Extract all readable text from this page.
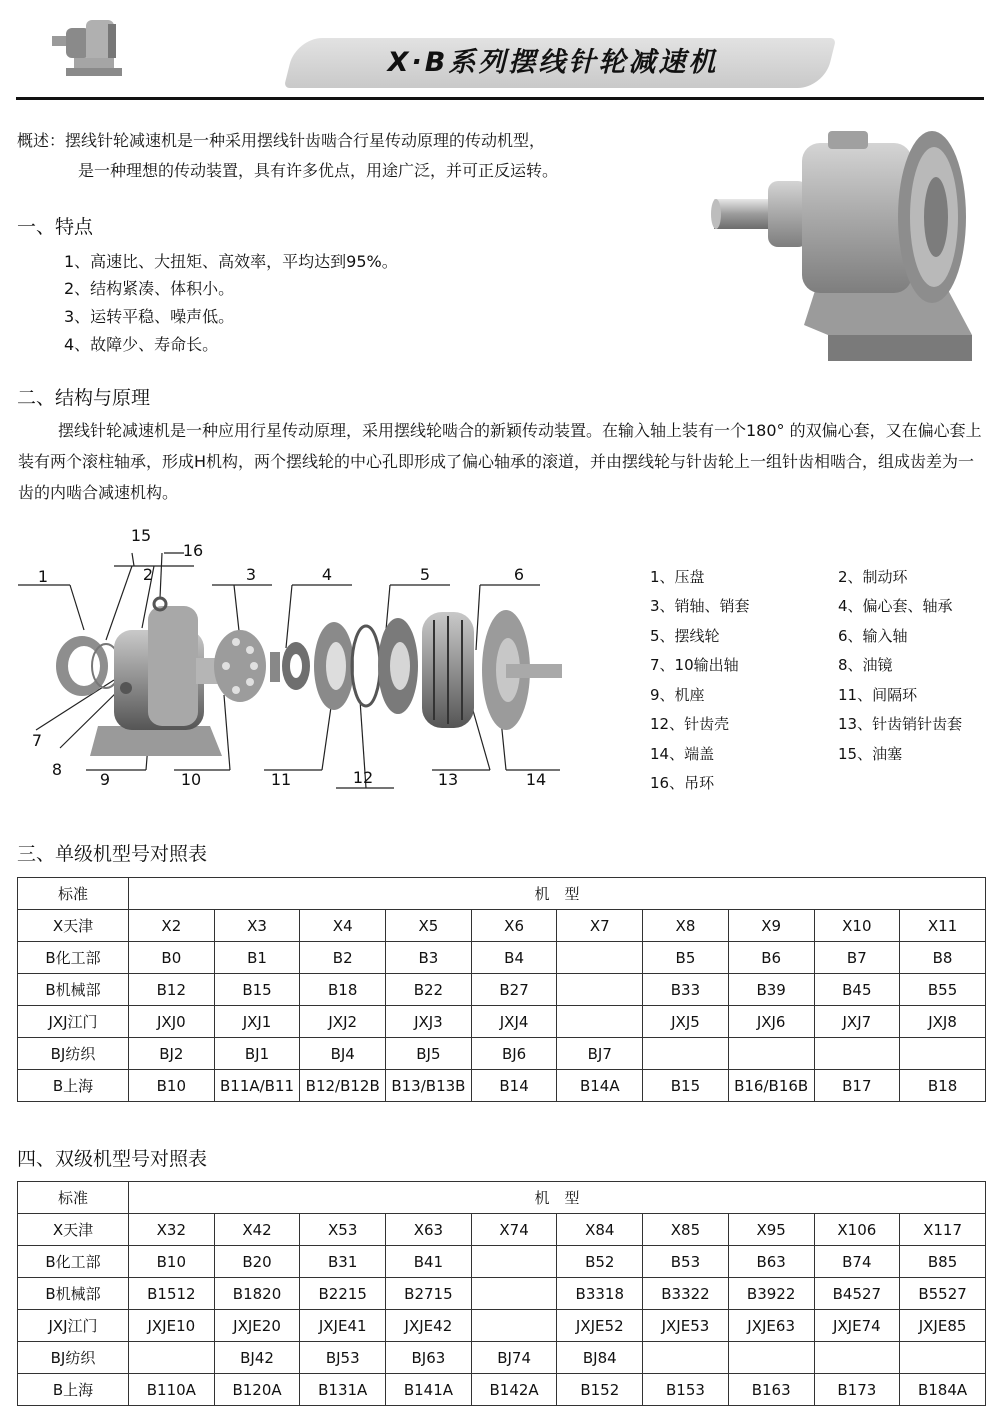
X·B系列摆线针轮减速机
概述：摆线针轮减速机是一种采用摆线针齿啮合行星传动原理的传动机型，
是一种理想的传动装置，具有许多优点，用途广泛，并可正反运转。
一、特点
1、高速比、大扭矩、高效率，平均达到95%。
2、结构紧凑、体积小。
3、运转平稳、噪声低。
4、故障少、寿命长。
二、结构与原理
摆线针轮减速机是一种应用行星传动原理，采用摆线轮啮合的新颖传动装置。在输入轴上装有一个180° 的双偏心套，又在偏心套上装有两个滚柱轴承，形成H机构，两个摆线轮的中心孔即形成了偏心轴承的滚道，并由摆线轮与针齿轮上一组针齿相啮合，组成齿差为一齿的内啮合减速机构。
1	2	3	4	5	6
7
8
9	10	11	12	13	14
15
16
1、压盘	2、制动环
3、销轴、销套	4、偏心套、轴承
5、摆线轮	6、输入轴
7、10输出轴	8、油镜
9、机座	11、间隔环
12、针齿壳	13、针齿销针齿套
14、端盖	15、油塞
16、吊环
三、单级机型号对照表
标准	机　型									
X天津	X2	X3	X4	X5	X6	X7	X8	X9	X10	X11
B化工部	B0	B1	B2	B3	B4		B5	B6	B7	B8
B机械部	B12	B15	B18	B22	B27		B33	B39	B45	B55
JXJ江门	JXJ0	JXJ1	JXJ2	JXJ3	JXJ4		JXJ5	JXJ6	JXJ7	JXJ8
BJ纺织	BJ2	BJ1	BJ4	BJ5	BJ6	BJ7				
B上海	B10	B11A/B11	B12/B12B	B13/B13B	B14	B14A	B15	B16/B16B	B17	B18
四、双级机型号对照表
标准	机　型									
X天津	X32	X42	X53	X63	X74	X84	X85	X95	X106	X117
B化工部	B10	B20	B31	B41		B52	B53	B63	B74	B85
B机械部	B1512	B1820	B2215	B2715		B3318	B3322	B3922	B4527	B5527
JXJ江门	JXJE10	JXJE20	JXJE41	JXJE42		JXJE52	JXJE53	JXJE63	JXJE74	JXJE85
BJ纺织		BJ42	BJ53	BJ63	BJ74	BJ84				
B上海	B110A	B120A	B131A	B141A	B142A	B152	B153	B163	B173	B184A
